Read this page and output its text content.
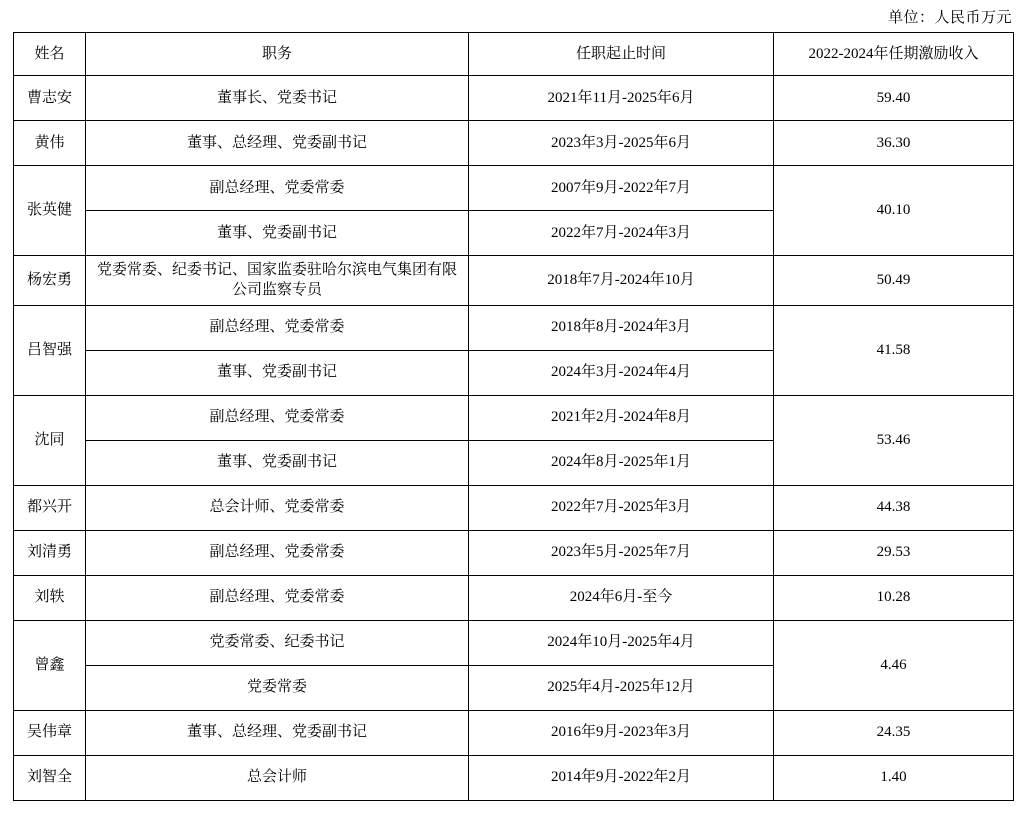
单位：人民币万元
姓名	职务	任职起止时间	2022-2024年任期激励收入
曹志安	董事长、党委书记	2021年11月-2025年6月	59.40
黄伟	董事、总经理、党委副书记	2023年3月-2025年6月	36.30
张英健	副总经理、党委常委	2007年9月-2022年7月	40.10
	董事、党委副书记	2022年7月-2024年3月	
杨宏勇	党委常委、纪委书记、国家监委驻哈尔滨电气集团有限公司监察专员	2018年7月-2024年10月	50.49
吕智强	副总经理、党委常委	2018年8月-2024年3月	41.58
	董事、党委副书记	2024年3月-2024年4月	
沈同	副总经理、党委常委	2021年2月-2024年8月	53.46
	董事、党委副书记	2024年8月-2025年1月	
都兴开	总会计师、党委常委	2022年7月-2025年3月	44.38
刘清勇	副总经理、党委常委	2023年5月-2025年7月	29.53
刘轶	副总经理、党委常委	2024年6月-至今	10.28
曾鑫	党委常委、纪委书记	2024年10月-2025年4月	4.46
	党委常委	2025年4月-2025年12月	
吴伟章	董事、总经理、党委副书记	2016年9月-2023年3月	24.35
刘智全	总会计师	2014年9月-2022年2月	1.40
